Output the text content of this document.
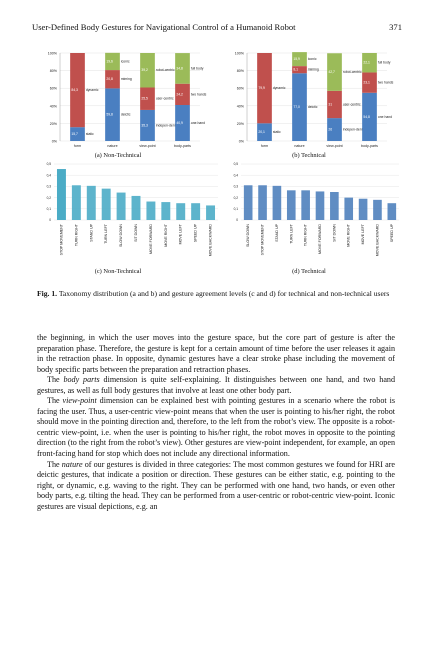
User-Defined Body Gestures for Navigational Control of a Humanoid Robot	371
0%
20%
40%
60%
80%
100%
15,7 static
84,3 dynamic
form
59,8 deictic
20,8 miming
19,6 iconic
nature
35,3 indepen-dent
25,5 user-centric
39,2 robot-centric
view-point
40,9 one hand
24,2 two hands
34,8 full body
body-parts
0%
20%
40%
60%
80%
100%
20,1 static
79,9 dynamic
form
77,0 deictic
8,1	miming
15,9 iconic
nature
26	indepen-dent
31	user-centric
42,7 robot-centric
view-point
54,8 one hand
23,1 two hands
22,1 full body
body-parts
0
0,1
0,2
0,3
0,4
0,5
STOP MOVEMENT	TURN RIGHT	STAND UP	TURN LEFT	SLOW DOWN	SIT DOWN	MOVE FORWARD	MOVE RIGHT	MOVE LEFT	SPEED UP	MOVE BACKWARD
0
0,1
0,2
0,3
0,4
0,5
SLOW DOWN	STOP MOVEMENT	STAND UP	TURN LEFT	TURN RIGHT	MOVE FORWARD	SIT DOWN	MOVE RIGHT	MOVE LEFT	MOVE BACKWARD	SPEED UP
(a) Non-Technical	(b) Technical
(c) Non-Technical	(d) Technical
Fig. 1. Taxonomy distribution (a and b) and gesture agreement levels (c and d) for technical and non-technical users

the beginning, in which the user moves into the gesture space, but the core part of gesture is after the preparation phase. Therefore, the gesture is kept for a certain amount of time before the user releases it again in the retraction phase. In opposite, dynamic gestures have a clear stroke phase including the movement of body specific parts between the preparation and retraction phases.

The body parts dimension is quite self-explaining. It distinguishes between one hand, and two hand gestures, as well as full body gestures that involve at least one other body part.

The view-point dimension can be explained best with pointing gestures in a scenario where the robot is facing the user. Thus, a user-centric view-point means that when the user is pointing to his/her right, the robot should move in the pointing direction and, therefore, to the left from the robot’s view. The opposite is a robot-centric view-point, i.e. when the user is pointing to his/her right, the robot moves in opposite to the pointing direction (to the right from the robot’s view). Other gestures are view-point independent, for example, an open front-facing hand for stop which does not include any directional information.

The nature of our gestures is divided in three categories: The most common gestures we found for HRI are deictic gestures, that indicate a position or direction. These gestures can be either static, e.g. pointing to the right, or dynamic, e.g. waving to the right. They can be performed with one hand, two hands, or even other body parts, e.g. tilting the head. They can be performed from a user-centric or robot-centric view-point. Iconic gestures are visual depictions, e.g. an
